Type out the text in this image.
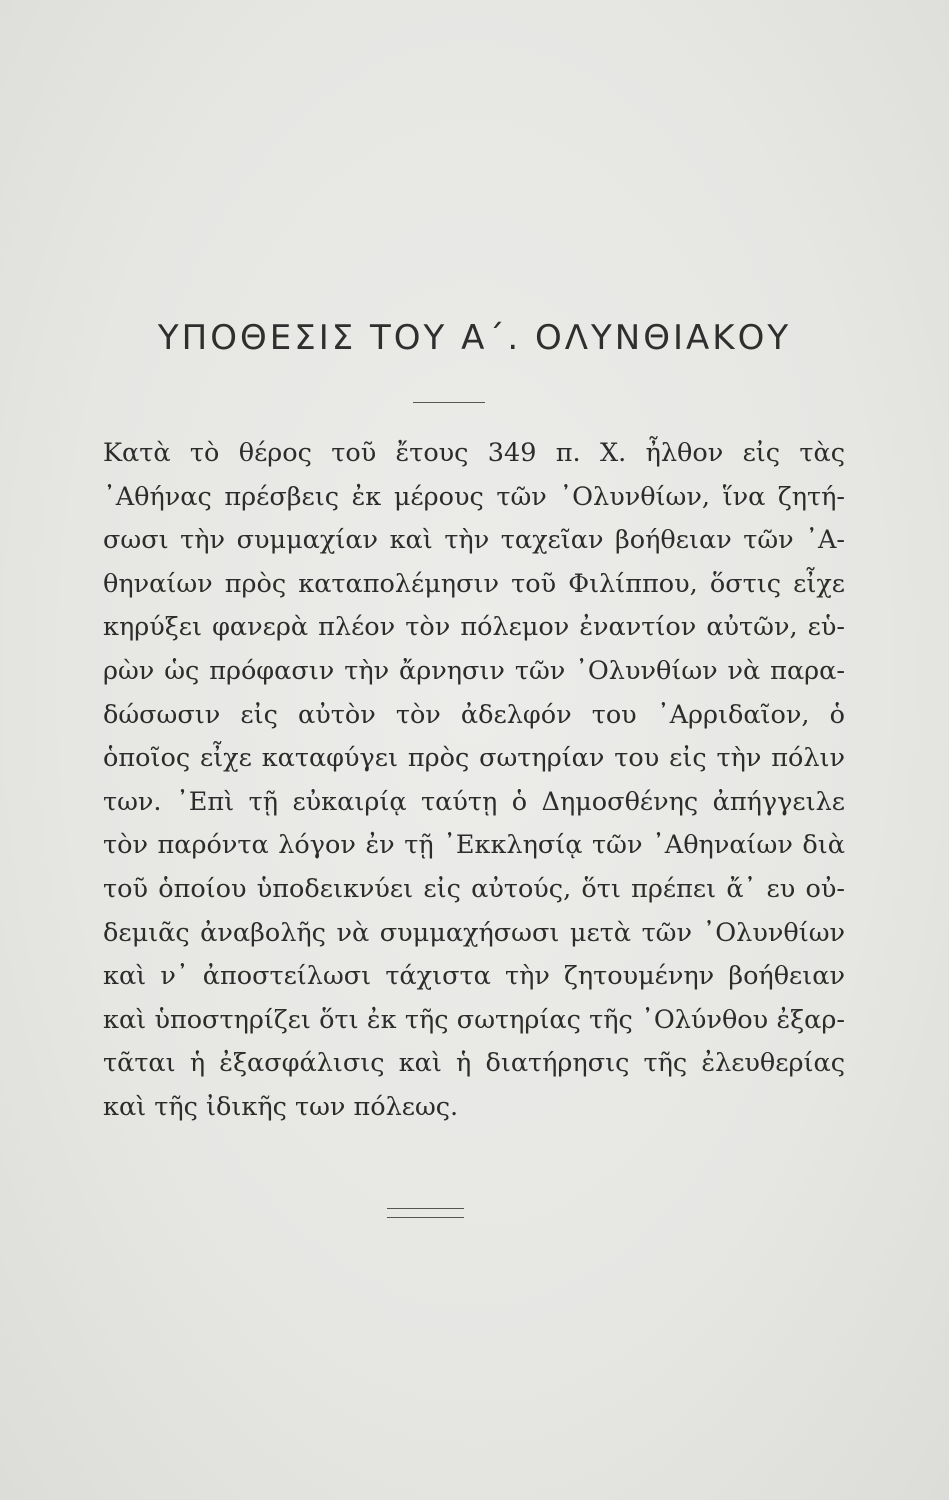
ΥΠΟΘΕΣΙΣ ΤΟΥ Α΄. ΟΛΥΝΘΙΑΚΟΥ
Κατὰ τὸ θέρος τοῦ ἔτους 349 π. Χ. ἦλθον εἰς τὰς
᾿Αθήνας πρέσβεις ἐκ μέρους τῶν ᾿Ολυνθίων, ἵνα ζητή-
σωσι τὴν συμμαχίαν καὶ τὴν ταχεῖαν βοήθειαν τῶν ᾿Α-
θηναίων πρὸς καταπολέμησιν τοῦ Φιλίππου, ὅστις εἶχε
κηρύξει φανερὰ πλέον τὸν πόλεμον ἐναντίον αὐτῶν, εὑ-
ρὼν ὡς πρόφασιν τὴν ἄρνησιν τῶν ᾿Ολυνθίων νὰ παρα-
δώσωσιν εἰς αὐτὸν τὸν ἀδελφόν του ᾿Αρριδαῖον, ὁ
ὁποῖος εἶχε καταφύγει πρὸς σωτηρίαν του εἰς τὴν πόλιν
των. ᾿Επὶ τῇ εὐκαιρίᾳ ταύτῃ ὁ Δημοσθένης ἀπήγγειλε
τὸν παρόντα λόγον ἐν τῇ ᾿Εκκλησίᾳ τῶν ᾿Αθηναίων διὰ
τοῦ ὁποίου ὑποδεικνύει εἰς αὐτούς, ὅτι πρέπει ἄ᾿ ευ οὐ-
δεμιᾶς ἀναβολῆς νὰ συμμαχήσωσι μετὰ τῶν ᾿Ολυνθίων
καὶ ν᾿ ἀποστείλωσι τάχιστα τὴν ζητουμένην βοήθειαν
καὶ ὑποστηρίζει ὅτι ἐκ τῆς σωτηρίας τῆς ᾿Ολύνθου ἐξαρ-
τᾶται ἡ ἐξασφάλισις καὶ ἡ διατήρησις τῆς ἐλευθερίας
καὶ τῆς ἰδικῆς των πόλεως.
